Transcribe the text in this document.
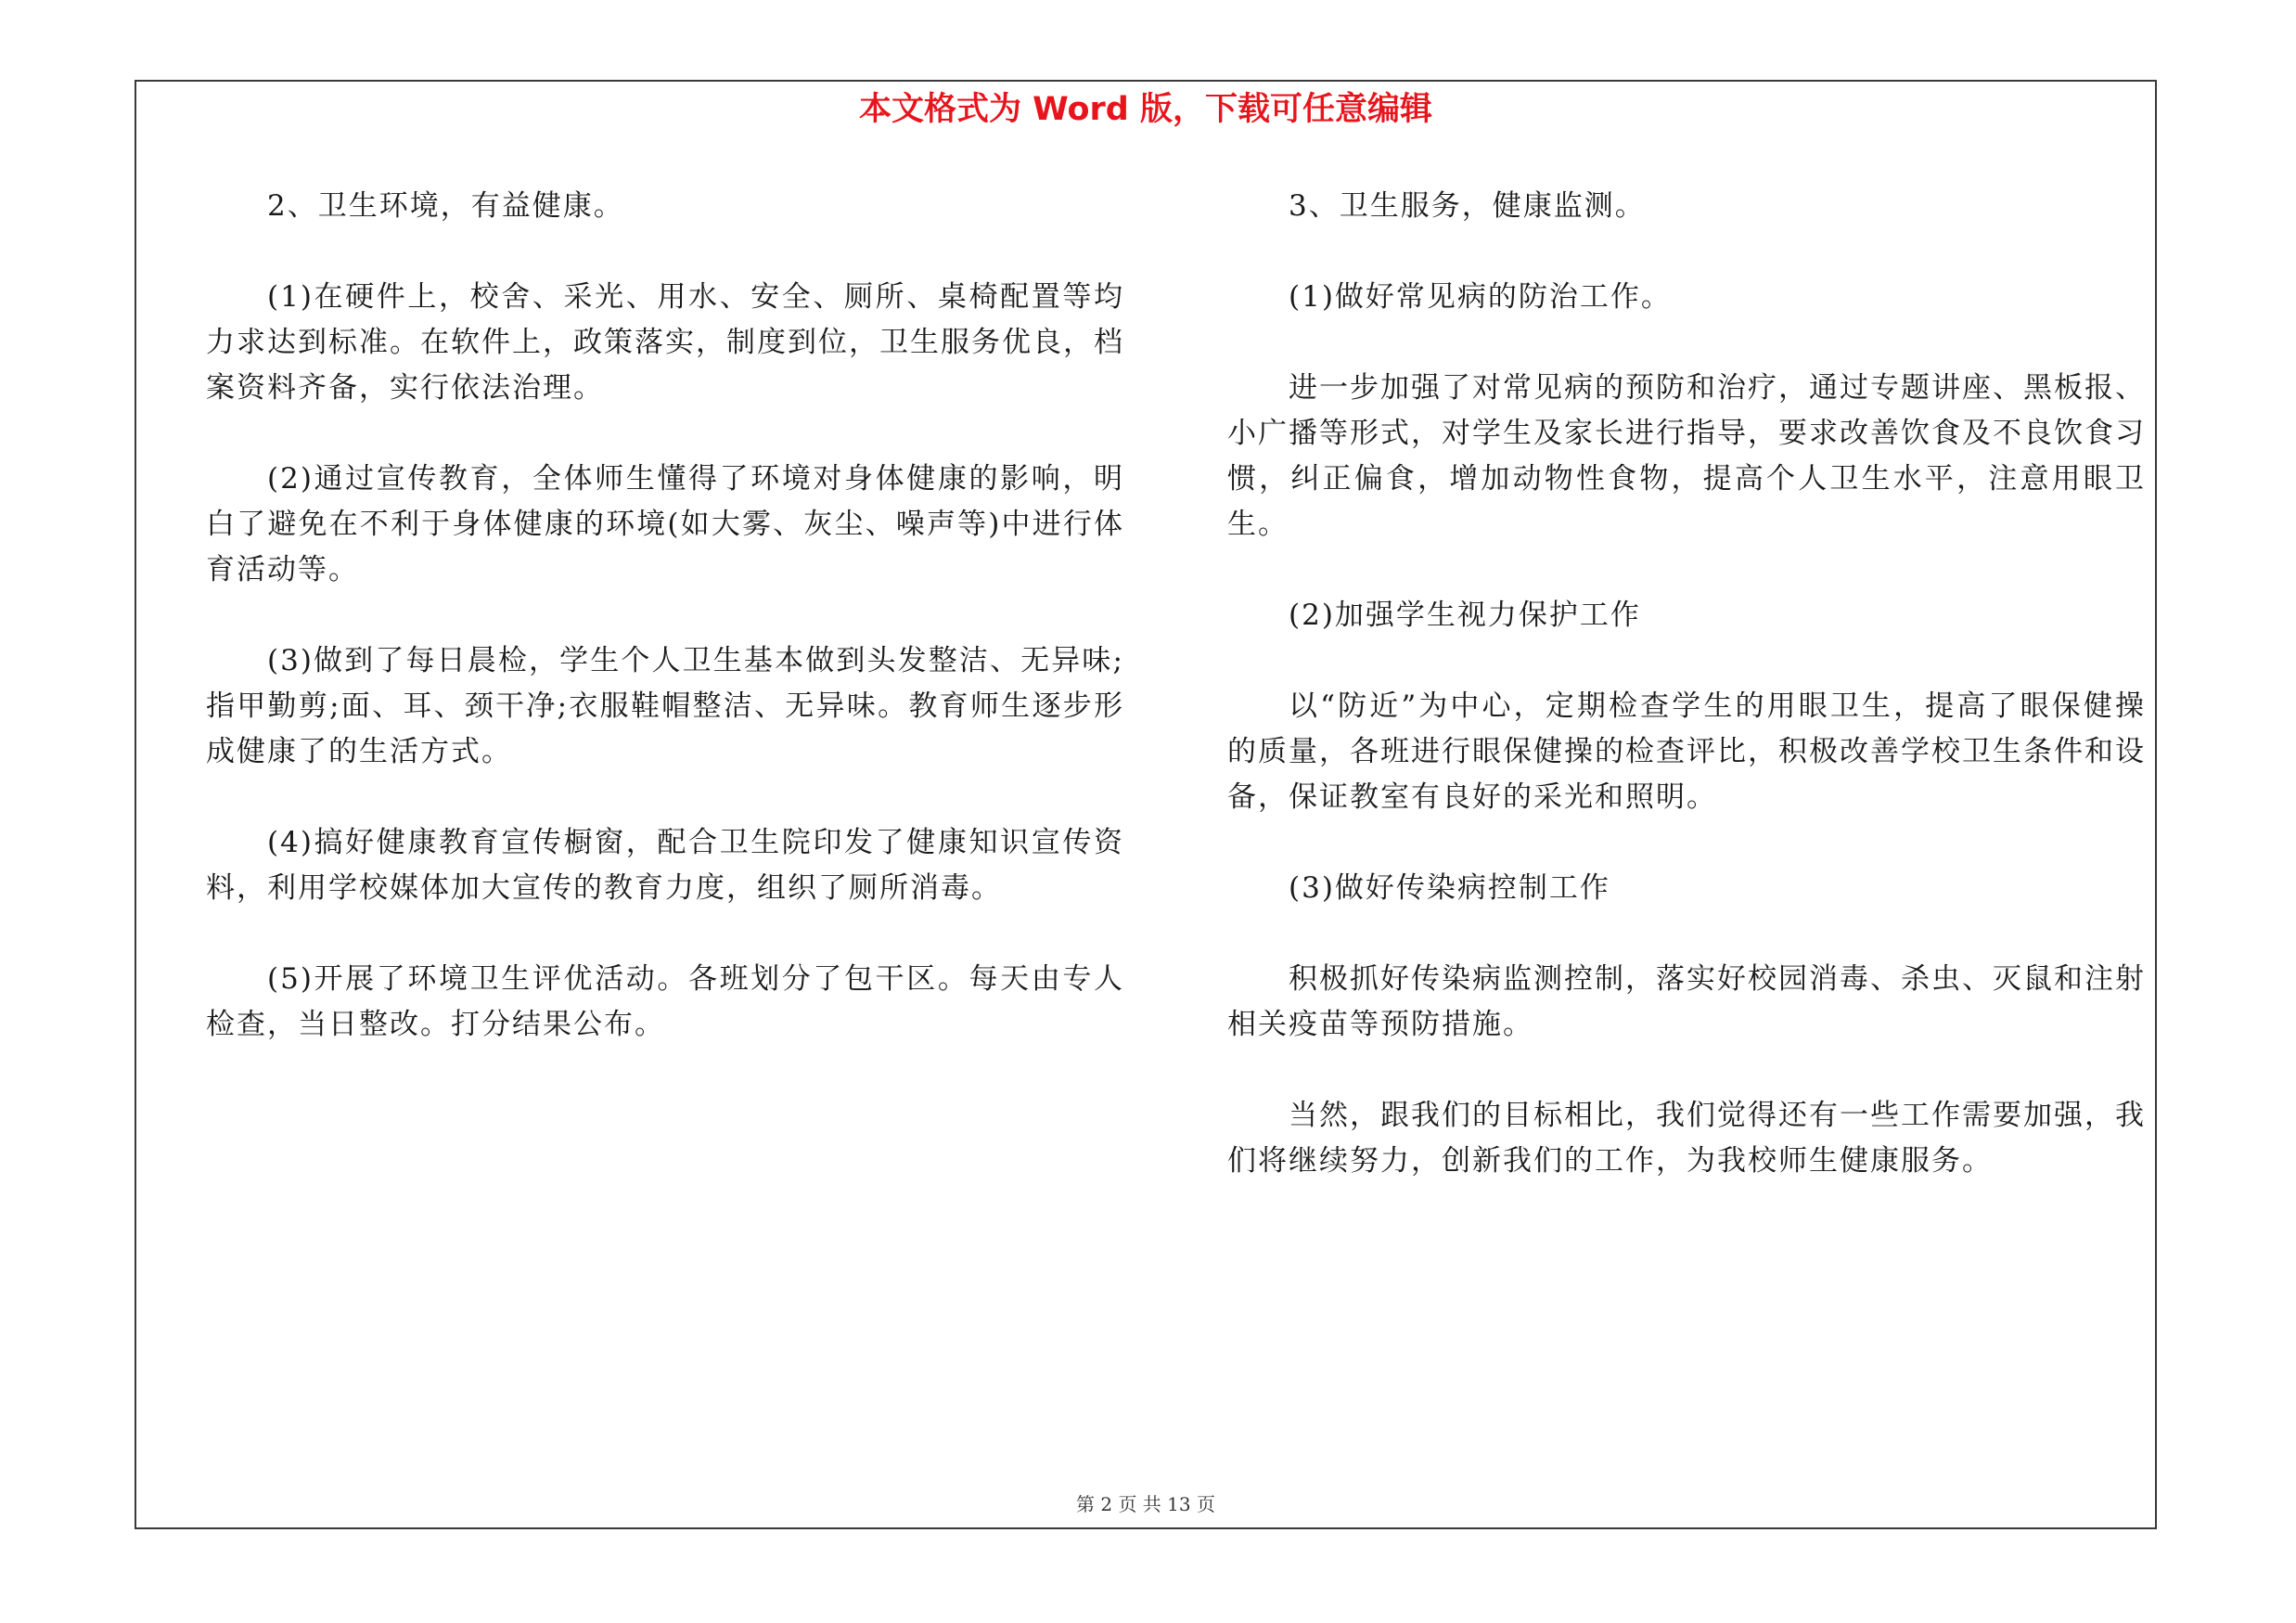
本文格式为 Word 版，下载可任意编辑

2、卫生环境，有益健康。

(1)在硬件上，校舍、采光、用水、安全、厕所、桌椅配置等均力求达到标准。在软件上，政策落实，制度到位，卫生服务优良，档案资料齐备，实行依法治理。

(2)通过宣传教育，全体师生懂得了环境对身体健康的影响，明白了避免在不利于身体健康的环境(如大雾、灰尘、噪声等)中进行体育活动等。

(3)做到了每日晨检，学生个人卫生基本做到头发整洁、无异味;指甲勤剪;面、耳、颈干净;衣服鞋帽整洁、无异味。教育师生逐步形成健康了的生活方式。

(4)搞好健康教育宣传橱窗，配合卫生院印发了健康知识宣传资料，利用学校媒体加大宣传的教育力度，组织了厕所消毒。

(5)开展了环境卫生评优活动。各班划分了包干区。每天由专人检查，当日整改。打分结果公布。

3、卫生服务，健康监测。

(1)做好常见病的防治工作。

进一步加强了对常见病的预防和治疗，通过专题讲座、黑板报、小广播等形式，对学生及家长进行指导，要求改善饮食及不良饮食习惯，纠正偏食，增加动物性食物，提高个人卫生水平，注意用眼卫生。

(2)加强学生视力保护工作

以“防近”为中心，定期检查学生的用眼卫生，提高了眼保健操的质量，各班进行眼保健操的检查评比，积极改善学校卫生条件和设备，保证教室有良好的采光和照明。

(3)做好传染病控制工作

积极抓好传染病监测控制，落实好校园消毒、杀虫、灭鼠和注射相关疫苗等预防措施。

当然，跟我们的目标相比，我们觉得还有一些工作需要加强，我们将继续努力，创新我们的工作，为我校师生健康服务。

第 2 页 共 13 页
